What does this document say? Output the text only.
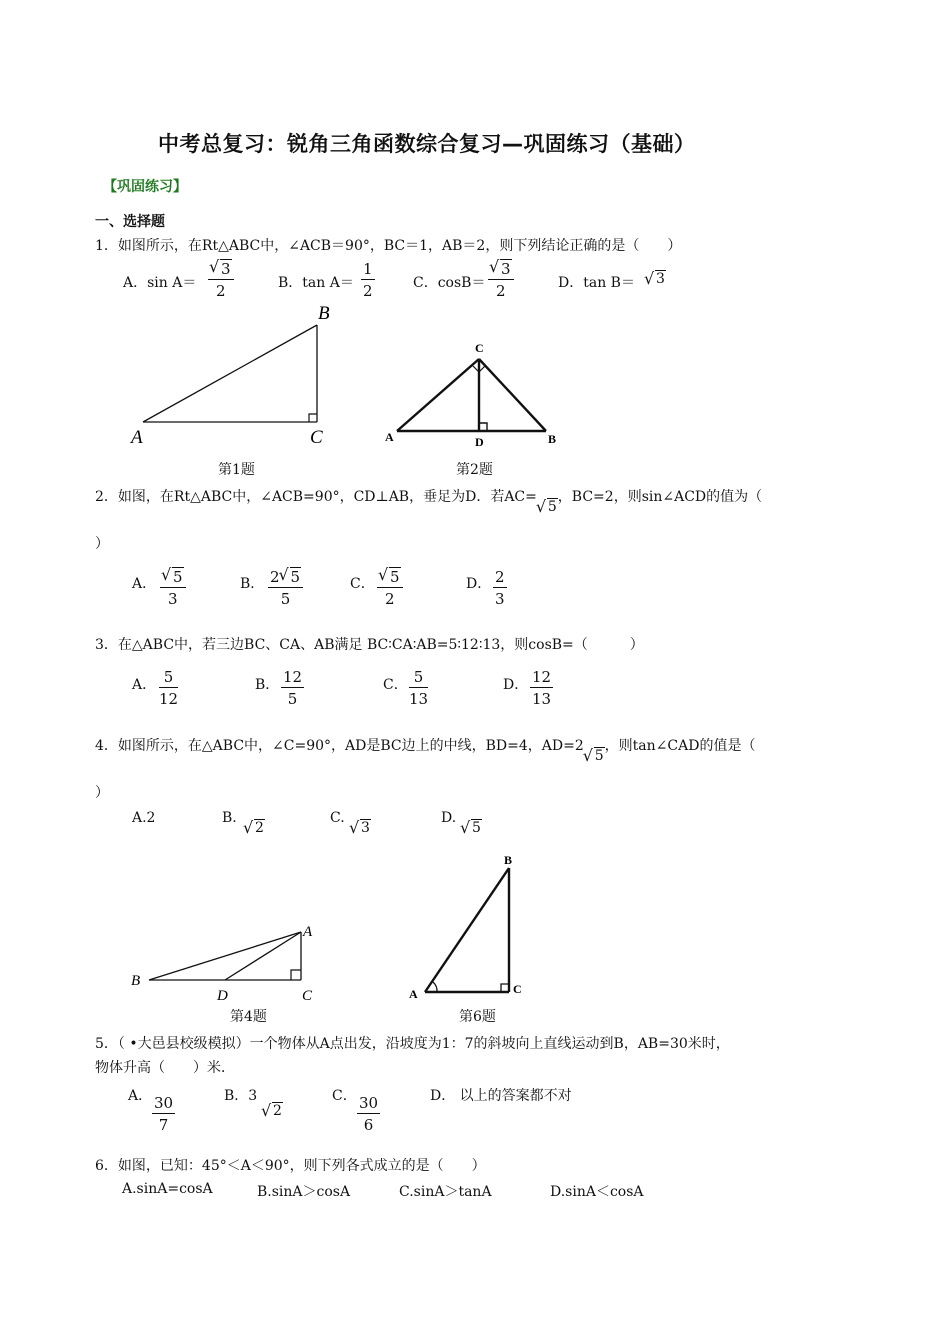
中考总复习：锐角三角函数综合复习—巩固练习（基础）
【巩固练习】
一、选择题
1．如图所示，在Rt△ABC中，∠ACB＝90°，BC＝1，AB＝2，则下列结论正确的是（　　）
A．sin A＝ √ $\frac{3}{2}$	B．$\tan A= \frac{1}{2}$	C．cosB＝ √ $\frac{3}{2}$	D．tan B＝	√ 3
A
B
C
第1题
A	B
C
D
第2题
2．如图，在Rt△ABC中，∠ACB=90°，CD⊥AB，垂足为D．若AC=√ 5，BC=2，则sin∠ACD的值为（
）
A． √ $\frac{5}{3}$	B． $\frac{2 √ 5}{5}$	C． √ $\frac{5}{2}$	D． $\frac{2}{3}$
3．在△ABC中，若三边BC、CA、AB满足 BC∶CA∶AB=5∶12∶13，则cosB=（　　　）
A． $\frac{5}{12}$	B． $\frac{12}{5}$	C． $\frac{5}{13}$	D． $\frac{12}{13}$
4．如图所示，在△ABC中，∠C=90°，AD是BC边上的中线，BD=4，AD=2√ 5，则tan∠CAD的值是（
）
A.2	B.
√ 2
C.
√ 3
D.
√ 5
B
A
C
D
第4题
A
B
C
第6题
5．（ •大邑县校级模拟）一个物体从A点出发，沿坡度为1：7的斜坡向上直线运动到B，AB=30米时，
物体升高（　　）米．
A． $\frac{30}{7}$	B．3
√ 2
C． $\frac{30}{6}$	D． 以上的答案都不对
6．如图，已知：45°＜A＜90°，则下列各式成立的是（　　）
A.sinA=cosA	B.sinA＞cosA	C.sinA＞tanA	D.sinA＜cosA
